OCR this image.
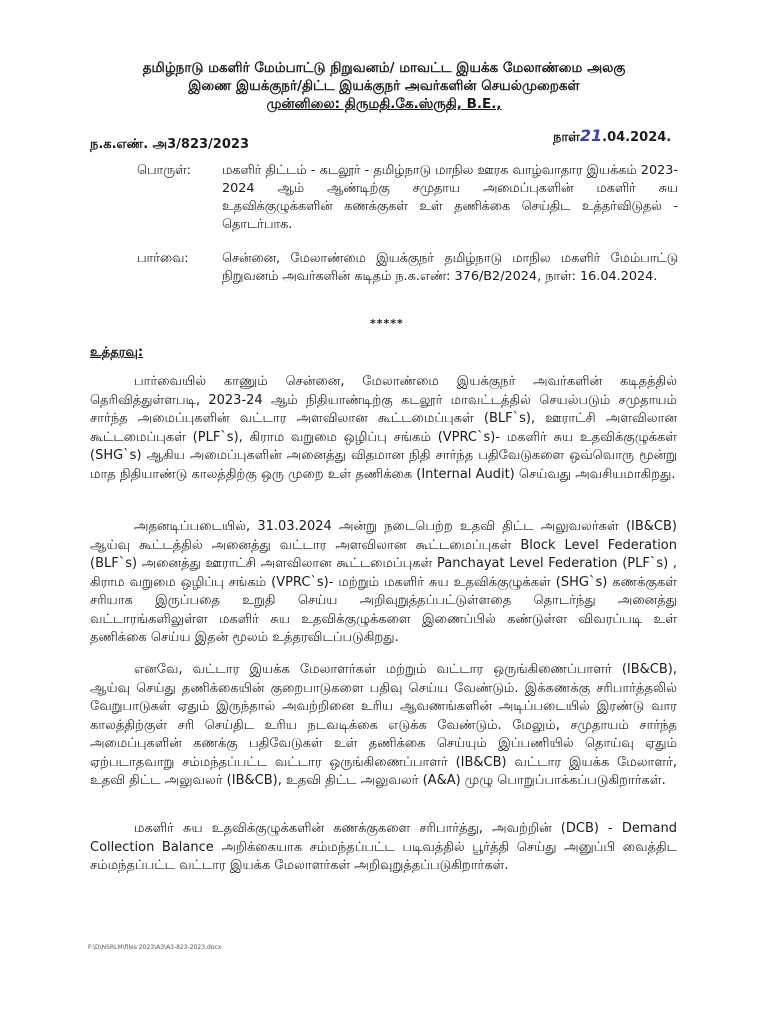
தமிழ்நாடு மகளிர் மேம்பாட்டு நிறுவனம்/ மாவட்ட இயக்க மேலாண்மை அலகு
இணை இயக்குநர்/திட்ட இயக்குநர் அவர்களின் செயல்முறைகள்
முன்னிலை: திருமதி.கே.ஸ்ருதி, B.E.,
ந.க.எண். அ3/823/2023	நாள்21.04.2024.
பொருள்: மகளிர் திட்டம் - கடலூர் - தமிழ்நாடு மாநில ஊரக வாழ்வாதார இயக்கம் 2023-2024 ஆம் ஆண்டிற்கு சமுதாய அமைப்புகளின் மகளிர் சுய உதவிக்குழுக்களின் கணக்குகள் உள் தணிக்கை செய்திட உத்தர்விடுதல் - தொடர்பாக.
பார்வை:	சென்னை, மேலாண்மை இயக்குநர் தமிழ்நாடு மாநில மகளிர் மேம்பாட்டு நிறுவனம் அவர்களின் கடிதம் ந.க.எண்: 376/B2/2024, நாள்: 16.04.2024.
*****
உத்தரவு:
பார்வையில் காணும் சென்னை, மேலாண்மை இயக்குநர் அவர்களின் கடிதத்தில் தெரிவித்துள்ளபடி, 2023-24 ஆம் நிதியாண்டிற்கு கடலூர் மாவட்டத்தில் செயல்படும் சமுதாயம் சார்ந்த அமைப்புகளின் வட்டார அளவிலான கூட்டமைப்புகள் (BLF`s), ஊராட்சி அளவிலான கூட்டமைப்புகள் (PLF`s), கிராம வறுமை ஒழிப்பு சங்கம் (VPRC`s)- மகளிர் சுய உதவிக்குழுக்கள் (SHG`s) ஆகிய அமைப்புகளின் அனைத்து விதமான நிதி சார்ந்த பதிவேடுகளை ஒவ்வொரு மூன்று மாத நிதியாண்டு காலத்திற்கு ஒரு முறை உள் தணிக்கை (Internal Audit) செய்வது அவசியமாகிறது.
அதனடிப்படையில், 31.03.2024 அன்று நடைபெற்ற உதவி திட்ட அலுவலர்கள் (IB&CB) ஆய்வு கூட்டத்தில் அனைத்து வட்டார அளவிலான கூட்டமைப்புகள் Block Level Federation (BLF`s) அனைத்து ஊராட்சி அளவிலான கூட்டமைப்புகள் Panchayat Level Federation (PLF`s) , கிராம வறுமை ஒழிப்பு சங்கம் (VPRC`s)- மற்றும் மகளிர் சுய உதவிக்குழுக்கள் (SHG`s) கணக்குகள் சரியாக இருப்பதை உறுதி செய்ய அறிவுறுத்தப்பட்டுள்ளதை தொடர்ந்து அனைத்து வட்டாரங்களிலுள்ள மகளிர் சுய உதவிக்குழுக்களை இணைப்பில் கண்டுள்ள விவரப்படி உள் தணிக்கை செய்ய இதன் மூலம் உத்தரவிடப்படுகிறது.
எனவே, வட்டார இயக்க மேலாளர்கள் மற்றும் வட்டார ஒருங்கிணைப்பாளர் (IB&CB), ஆய்வு செய்து தணிக்கையின் குறைபாடுகளை பதிவு செய்ய வேண்டும். இக்கணக்கு சரிபார்த்தலில் வேறுபாடுகள் ஏதும் இருந்தால் அவற்றினை உரிய ஆவணங்களின் அடிப்படையில் இரண்டு வார காலத்திற்குள் சரி செய்திட உரிய நடவடிக்கை எடுக்க வேண்டும். மேலும், சமுதாயம் சார்ந்த அமைப்புகளின் கணக்கு பதிவேடுகள் உள் தணிக்கை செய்யும் இப்பணியில் தொய்வு ஏதும் ஏற்படாதவாறு சம்மந்தப்பட்ட வட்டார ஒருங்கிணைப்பாளர் (IB&CB) வட்டார இயக்க மேலாளர், உதவி திட்ட அலுவலர் (IB&CB), உதவி திட்ட அலுவலர் (A&A) முழு பொறுப்பாக்கப்படுகிறார்கள்.
மகளிர் சுய உதவிக்குழுக்களின் கணக்குகளை சரிபார்த்து, அவற்றின் (DCB) - Demand Collection Balance அறிக்கையாக சம்மந்தப்பட்ட படிவத்தில் பூர்த்தி செய்து அனுப்பி வைத்திட சம்மந்தப்பட்ட வட்டார இயக்க மேலாளர்கள் அறிவுறுத்தப்படுகிறார்கள்.
F:\D\NSRLM\files 2023\A3\A3-823-2023.docx
